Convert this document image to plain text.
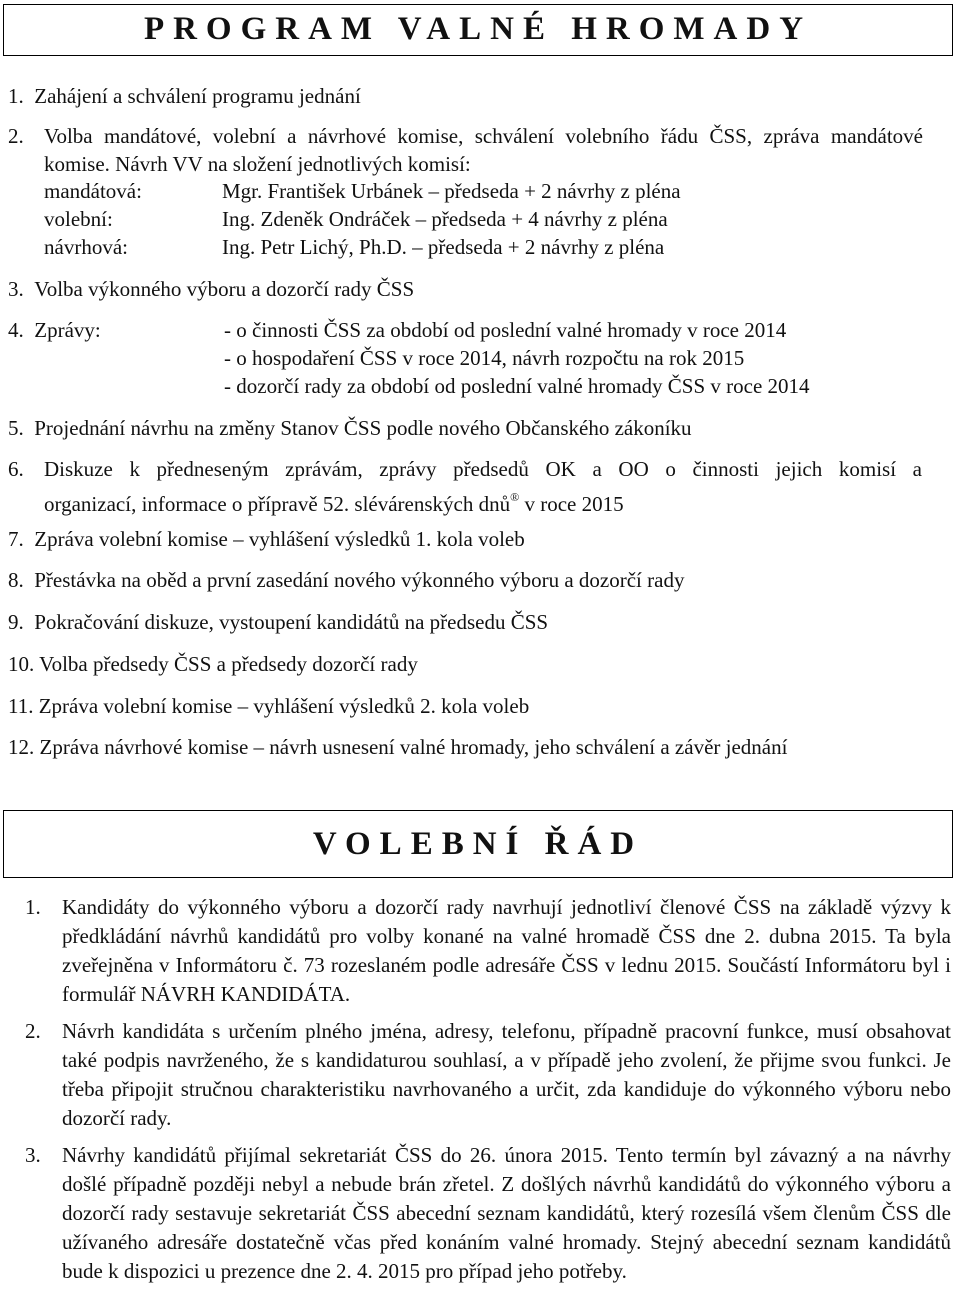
PROGRAM VALNÉ HROMADY
1.  Zahájení a schválení programu jednání
2. Volba mandátové, volební a návrhové komise, schválení volebního řádu ČSS, zpráva mandátové komise. Návrh VV na složení jednotlivých komisí:
mandátová:	Mgr. František Urbánek – předseda + 2 návrhy z pléna
volební:	Ing. Zdeněk Ondráček – předseda + 4 návrhy z pléna
návrhová:	Ing. Petr Lichý, Ph.D. – předseda + 2 návrhy z pléna
3.  Volba výkonného výboru a dozorčí rady ČSS
4.  Zprávy:	- o činnosti ČSS za období od poslední valné hromady v roce 2014
- o hospodaření ČSS v roce 2014, návrh rozpočtu na rok 2015
- dozorčí rady za období od poslední valné hromady ČSS v roce 2014
5.  Projednání návrhu na změny Stanov ČSS podle nového Občanského zákoníku
6. Diskuze k předneseným zprávám, zprávy předsedů OK a OO o činnosti jejich komisí a
organizací, informace o přípravě 52. slévárenských dnů® v roce 2015
7.  Zpráva volební komise – vyhlášení výsledků 1. kola voleb
8.  Přestávka na oběd a první zasedání nového výkonného výboru a dozorčí rady
9.  Pokračování diskuze, vystoupení kandidátů na předsedu ČSS
10. Volba předsedy ČSS a předsedy dozorčí rady
11. Zpráva volební komise – vyhlášení výsledků 2. kola voleb
12. Zpráva návrhové komise – návrh usnesení valné hromady, jeho schválení a závěr jednání
VOLEBNÍ ŘÁD
1. Kandidáty do výkonného výboru a dozorčí rady navrhují jednotliví členové ČSS na základě výzvy k předkládání návrhů kandidátů pro volby konané na valné hromadě ČSS dne 2. dubna 2015. Ta byla zveřejněna v Informátoru č. 73 rozeslaném podle adresáře ČSS v lednu 2015. Součástí Informátoru byl i formulář NÁVRH KANDIDÁTA.
2. Návrh kandidáta s určením plného jména, adresy, telefonu, případně pracovní funkce, musí obsahovat také podpis navrženého, že s kandidaturou souhlasí, a v případě jeho zvolení, že přijme svou funkci. Je třeba připojit stručnou charakteristiku navrhovaného a určit, zda kandiduje do výkonného výboru nebo dozorčí rady.
3. Návrhy kandidátů přijímal sekretariát ČSS do 26. února 2015. Tento termín byl závazný a na návrhy došlé případně později nebyl a nebude brán zřetel. Z došlých návrhů kandidátů do výkonného výboru a dozorčí rady sestavuje sekretariát ČSS abecední seznam kandidátů, který rozesílá všem členům ČSS dle užívaného adresáře dostatečně včas před konáním valné hromady. Stejný abecední seznam kandidátů bude k dispozici u prezence dne 2. 4. 2015 pro případ jeho potřeby.
